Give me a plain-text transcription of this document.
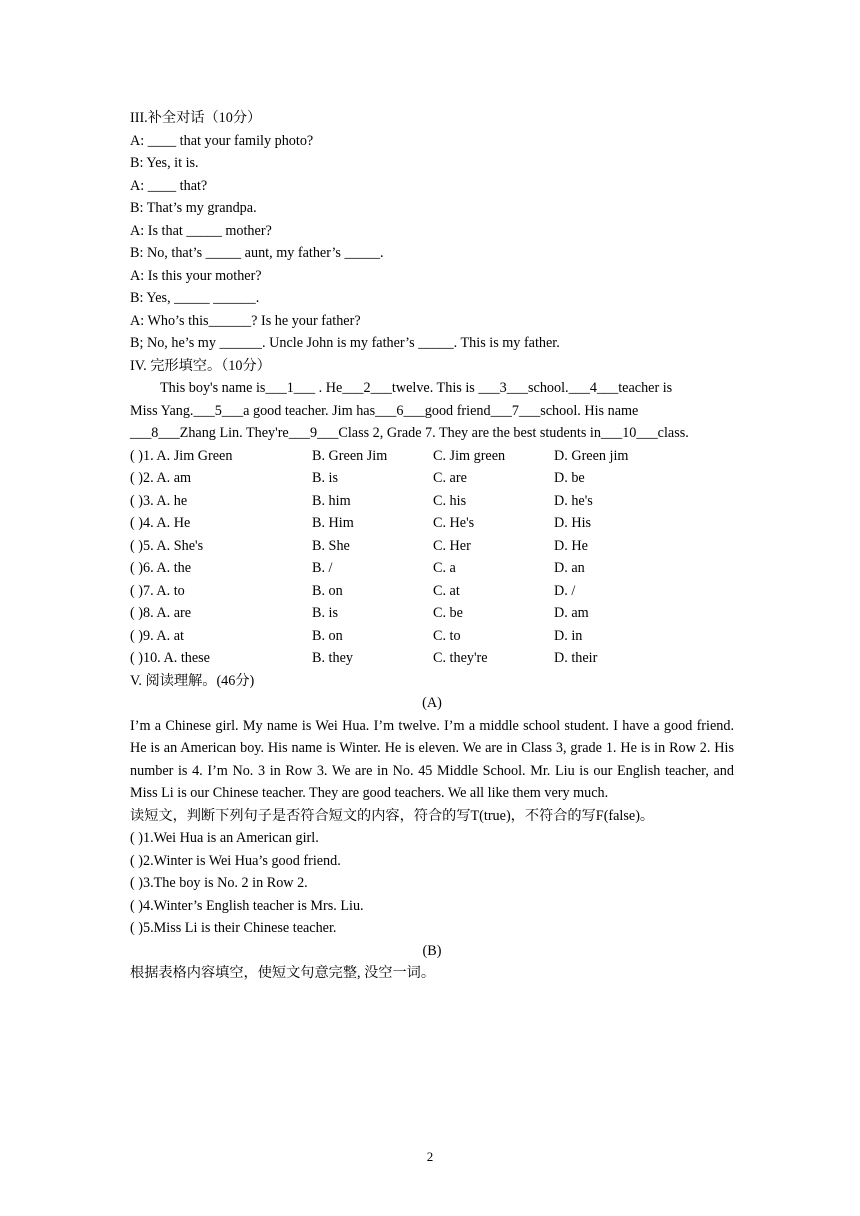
III.补全对话（10分）
A: ____ that your family photo?
B: Yes, it is.
A: ____ that?
B: That’s my grandpa.
A: Is that _____ mother?
B: No, that’s _____ aunt, my father’s _____.
A: Is this your mother?
B: Yes, _____ ______.
A: Who’s this______? Is he your father?
B; No, he’s my ______. Uncle John is my father’s _____. This is my father.
IV. 完形填空。（10分）
This boy's name is___1___ . He___2___twelve. This is ___3___school.___4___teacher is
Miss Yang.___5___a good teacher. Jim has___6___good friend___7___school. His name
___8___Zhang Lin. They're___9___Class 2, Grade 7. They are the best students in___10___class.
( )1. A. Jim Green	B. Green Jim	C. Jim green	D. Green jim
( )2. A. am	B. is	C. are	D. be
( )3. A. he	B. him	C. his	D. he's
( )4. A. He	B. Him	C. He's	D. His
( )5. A. She's	B. She	C. Her	D. He
( )6. A. the	B. /	C. a	D. an
( )7. A. to	B. on	C. at	D. /
( )8. A. are	B. is	C. be	D. am
( )9. A. at	B. on	C. to	D. in
( )10. A. these	B. they	C. they're	D. their
V. 阅读理解。(46分)
(A)
I’m a Chinese girl. My name is Wei Hua. I’m twelve. I’m a middle school student. I have a good friend. He is an American boy. His name is Winter. He is eleven. We are in Class 3, grade 1. He is in Row 2. His number is 4. I’m No. 3 in Row 3. We are in No. 45 Middle School. Mr. Liu is our English teacher, and Miss Li is our Chinese teacher. They are good teachers. We all like them very much.
读短文，判断下列句子是否符合短文的内容，符合的写T(true)，不符合的写F(false)。
( )1.Wei Hua is an American girl.
( )2.Winter is Wei Hua’s good friend.
( )3.The boy is No. 2 in Row 2.
( )4.Winter’s English teacher is Mrs. Liu.
( )5.Miss Li is their Chinese teacher.
(B)
根据表格内容填空，使短文句意完整, 没空一词。
2
